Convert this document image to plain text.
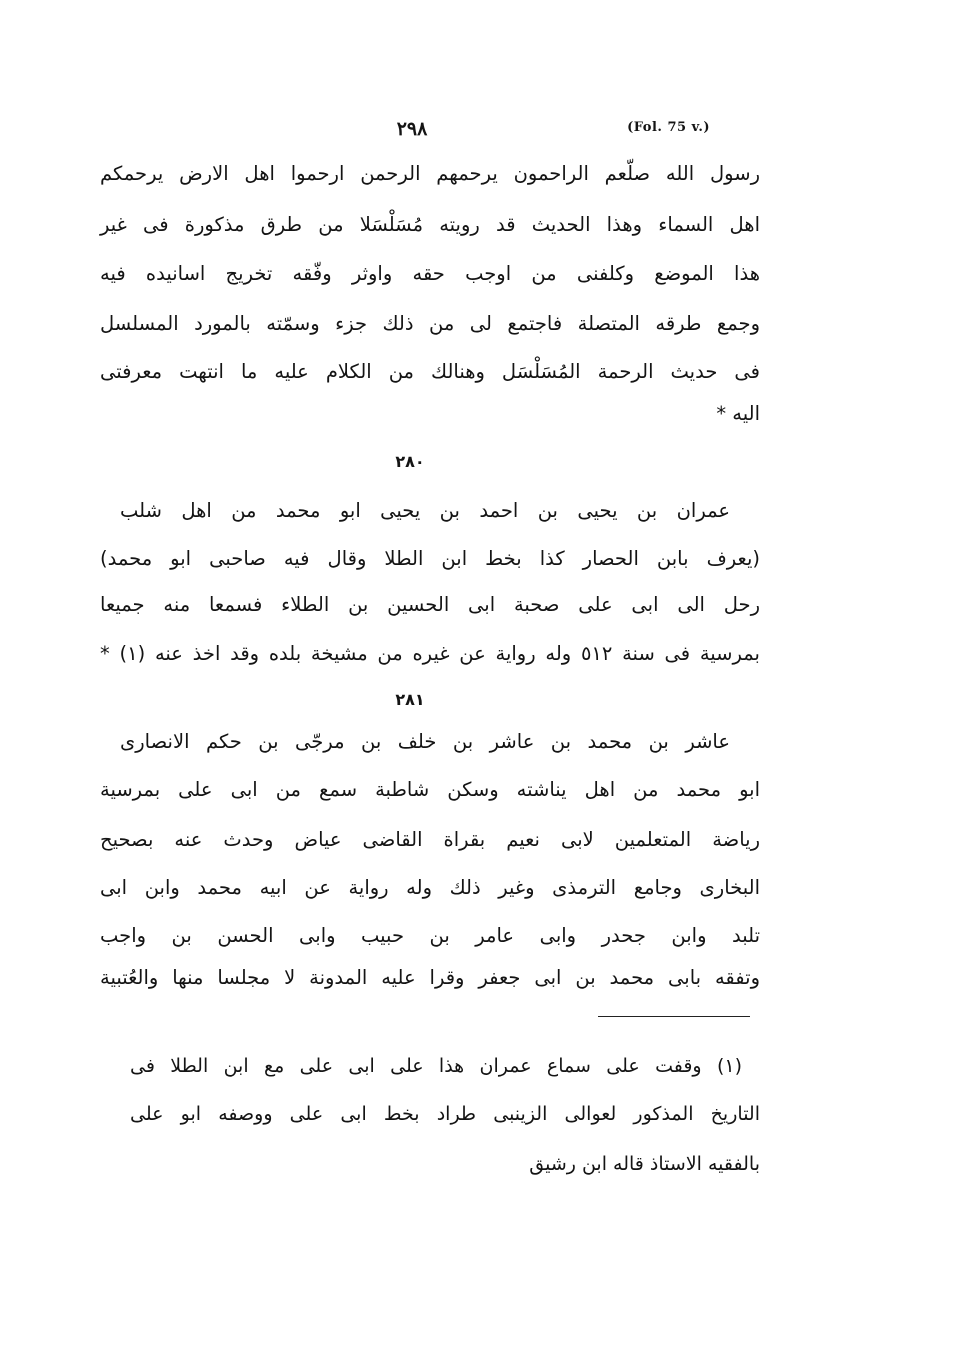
٢٩٨	(Fol. 75 v.)
رسول الله صلّعم الراحمون يرحمهم الرحمن ارحموا اهل الارض يرحمكم
اهل السماء وهذا الحديث قد رويته مُسَلْسَلا من طرق مذكورة فى غير
هذا الموضع وكلفنى من اوجب حقه واوثر وفّقه تخريج اسانيده فيه
وجمع طرقه المتصلة فاجتمع لى من ذلك جزء وسمّته بالمورد المسلسل
فى حديث الرحمة المُسَلْسَل وهنالك من الكلام عليه ما انتهت معرفتى
اليه *
٢٨٠
عمران بن يحيى بن احمد بن يحيى ابو محمد من اهل شلب
(يعرف بابن الحصار كذا بخط ابن الطلا وقال فيه صاحبى ابو محمد)
رحل الى ابى على صحبة ابى الحسين بن الطلاء فسمعا منه جميعا
بمرسية فى سنة ٥١٢ وله رواية عن غيره من مشيخة بلده وقد اخذ عنه (١) *
٢٨١
عاشر بن محمد بن عاشر بن خلف بن مرجّى بن حكم الانصارى
ابو محمد من اهل يناشته وسكن شاطبة سمع من ابى على بمرسية
رياضة المتعلمين لابى نعيم بقراة القاضى عياض وحدث عنه بصحيح
البخارى وجامع الترمذى وغير ذلك وله رواية عن ابيه محمد وابن ابى
تلبد وابن جحدر وابى عامر بن حبيب وابى الحسن بن واجب
وتفقه بابى محمد بن ابى جعفر وقرا عليه المدونة لا مجلسا منها والعُتبية
(١) وقفت على سماع عمران هذا على ابى على مع ابن الطلا فى
التاريخ المذكور لعوالى الزينبى طراد بخط ابى على ووصفه ابو على
بالفقيه الاستاذ قاله ابن رشيق
